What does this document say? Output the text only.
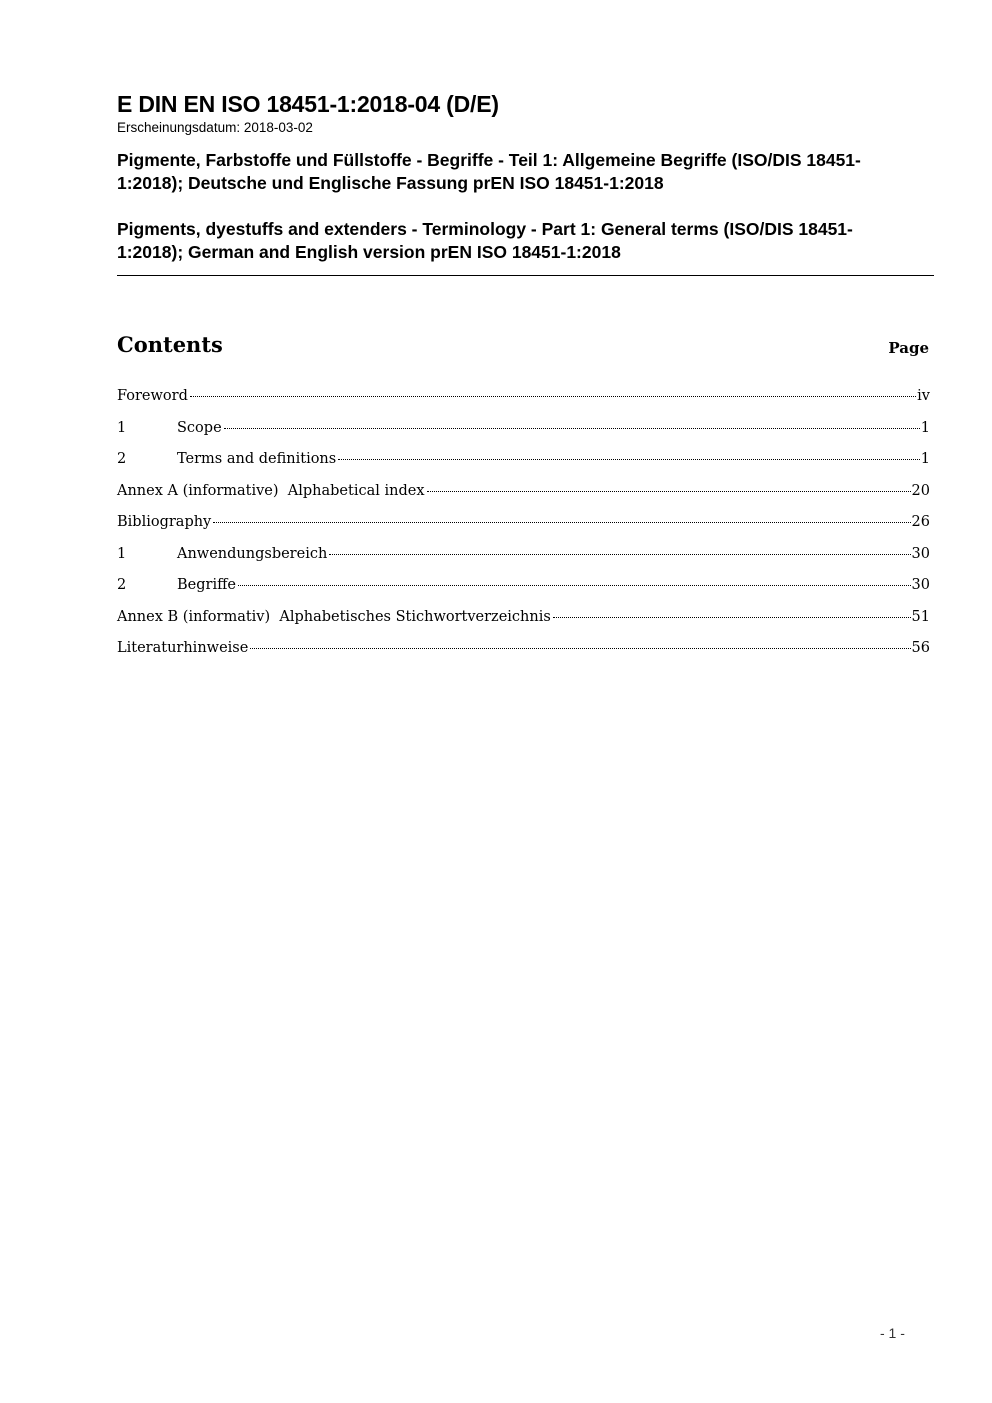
E DIN EN ISO 18451-1:2018-04 (D/E)
Erscheinungsdatum: 2018-03-02
Pigmente, Farbstoffe und Füllstoffe - Begriffe - Teil 1: Allgemeine Begriffe (ISO/DIS 18451-1:2018); Deutsche und Englische Fassung prEN ISO 18451-1:2018
Pigments, dyestuffs and extenders - Terminology - Part 1: General terms (ISO/DIS 18451-1:2018); German and English version prEN ISO 18451-1:2018
Contents	Page
Foreword	iv
1	Scope	1
2	Terms and definitions	1
Annex A (informative)  Alphabetical index	20
Bibliography	26
1	Anwendungsbereich	30
2	Begriffe	30
Annex B (informativ)  Alphabetisches Stichwortverzeichnis	51
Literaturhinweise	56
- 1 -
